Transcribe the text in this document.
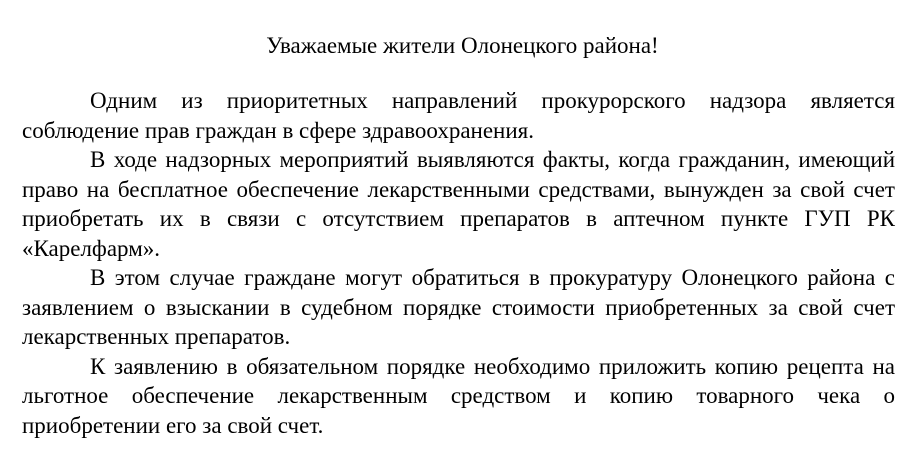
Уважаемые жители Олонецкого района!

Одним из приоритетных направлений прокурорского надзора является соблюдение прав граждан в сфере здравоохранения.

В ходе надзорных мероприятий выявляются факты, когда гражданин, имеющий право на бесплатное обеспечение лекарственными средствами, вынужден за свой счет приобретать их в связи с отсутствием препаратов в аптечном пункте ГУП РК «Карелфарм».

В этом случае граждане могут обратиться в прокуратуру Олонецкого района с заявлением о взыскании в судебном порядке стоимости приобретенных за свой счет лекарственных препаратов.

К заявлению в обязательном порядке необходимо приложить копию рецепта на льготное обеспечение лекарственным средством и копию товарного чека о приобретении его за свой счет.
